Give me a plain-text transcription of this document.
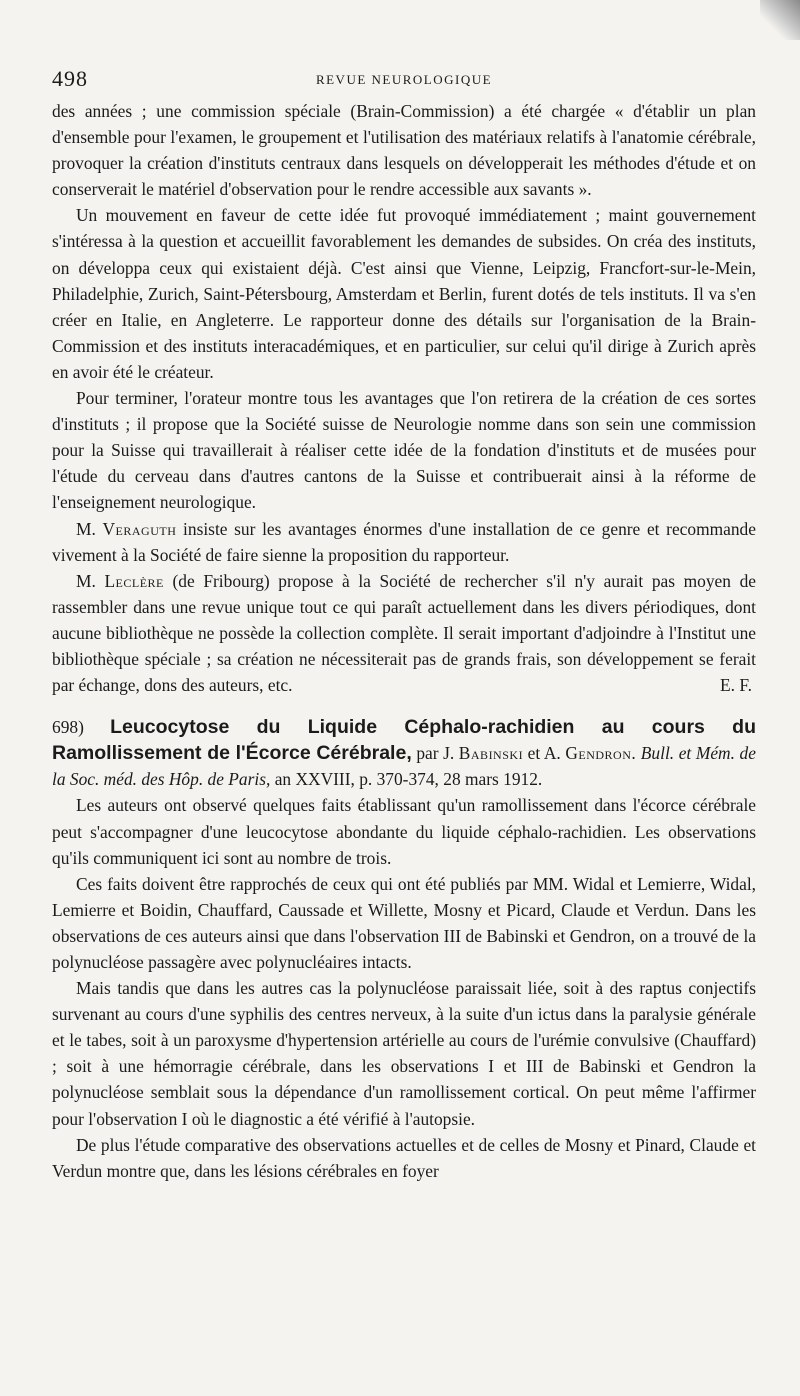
498	REVUE NEUROLOGIQUE

des années ; une commission spéciale (Brain-Commission) a été chargée « d'établir un plan d'ensemble pour l'examen, le groupement et l'utilisation des matériaux relatifs à l'anatomie cérébrale, provoquer la création d'instituts centraux dans lesquels on développerait les méthodes d'étude et on conserverait le matériel d'observation pour le rendre accessible aux savants ».

Un mouvement en faveur de cette idée fut provoqué immédiatement ; maint gouvernement s'intéressa à la question et accueillit favorablement les demandes de subsides. On créa des instituts, on développa ceux qui existaient déjà. C'est ainsi que Vienne, Leipzig, Francfort-sur-le-Mein, Philadelphie, Zurich, Saint-Pétersbourg, Amsterdam et Berlin, furent dotés de tels instituts. Il va s'en créer en Italie, en Angleterre. Le rapporteur donne des détails sur l'organisation de la Brain-Commission et des instituts interacadémiques, et en particulier, sur celui qu'il dirige à Zurich après en avoir été le créateur.

Pour terminer, l'orateur montre tous les avantages que l'on retirera de la création de ces sortes d'instituts ; il propose que la Société suisse de Neurologie nomme dans son sein une commission pour la Suisse qui travaillerait à réaliser cette idée de la fondation d'instituts et de musées pour l'étude du cerveau dans d'autres cantons de la Suisse et contribuerait ainsi à la réforme de l'enseignement neurologique.

M. Veraguth insiste sur les avantages énormes d'une installation de ce genre et recommande vivement à la Société de faire sienne la proposition du rapporteur.

M. Leclère (de Fribourg) propose à la Société de rechercher s'il n'y aurait pas moyen de rassembler dans une revue unique tout ce qui paraît actuellement dans les divers périodiques, dont aucune bibliothèque ne possède la collection complète. Il serait important d'adjoindre à l'Institut une bibliothèque spéciale ; sa création ne nécessiterait pas de grands frais, son développement se ferait par échange, dons des auteurs, etc.	E. F.

698) Leucocytose du Liquide Céphalo-rachidien au cours du Ramollissement de l'Écorce Cérébrale, par J. Babinski et A. Gendron. Bull. et Mém. de la Soc. méd. des Hôp. de Paris, an XXVIII, p. 370-374, 28 mars 1912.

Les auteurs ont observé quelques faits établissant qu'un ramollissement dans l'écorce cérébrale peut s'accompagner d'une leucocytose abondante du liquide céphalo-rachidien. Les observations qu'ils communiquent ici sont au nombre de trois.

Ces faits doivent être rapprochés de ceux qui ont été publiés par MM. Widal et Lemierre, Widal, Lemierre et Boidin, Chauffard, Caussade et Willette, Mosny et Picard, Claude et Verdun. Dans les observations de ces auteurs ainsi que dans l'observation III de Babinski et Gendron, on a trouvé de la polynucléose passagère avec polynucléaires intacts.

Mais tandis que dans les autres cas la polynucléose paraissait liée, soit à des raptus conjectifs survenant au cours d'une syphilis des centres nerveux, à la suite d'un ictus dans la paralysie générale et le tabes, soit à un paroxysme d'hypertension artérielle au cours de l'urémie convulsive (Chauffard) ; soit à une hémorragie cérébrale, dans les observations I et III de Babinski et Gendron la polynucléose semblait sous la dépendance d'un ramollissement cortical. On peut même l'affirmer pour l'observation I où le diagnostic a été vérifié à l'autopsie.

De plus l'étude comparative des observations actuelles et de celles de Mosny et Pinard, Claude et Verdun montre que, dans les lésions cérébrales en foyer
